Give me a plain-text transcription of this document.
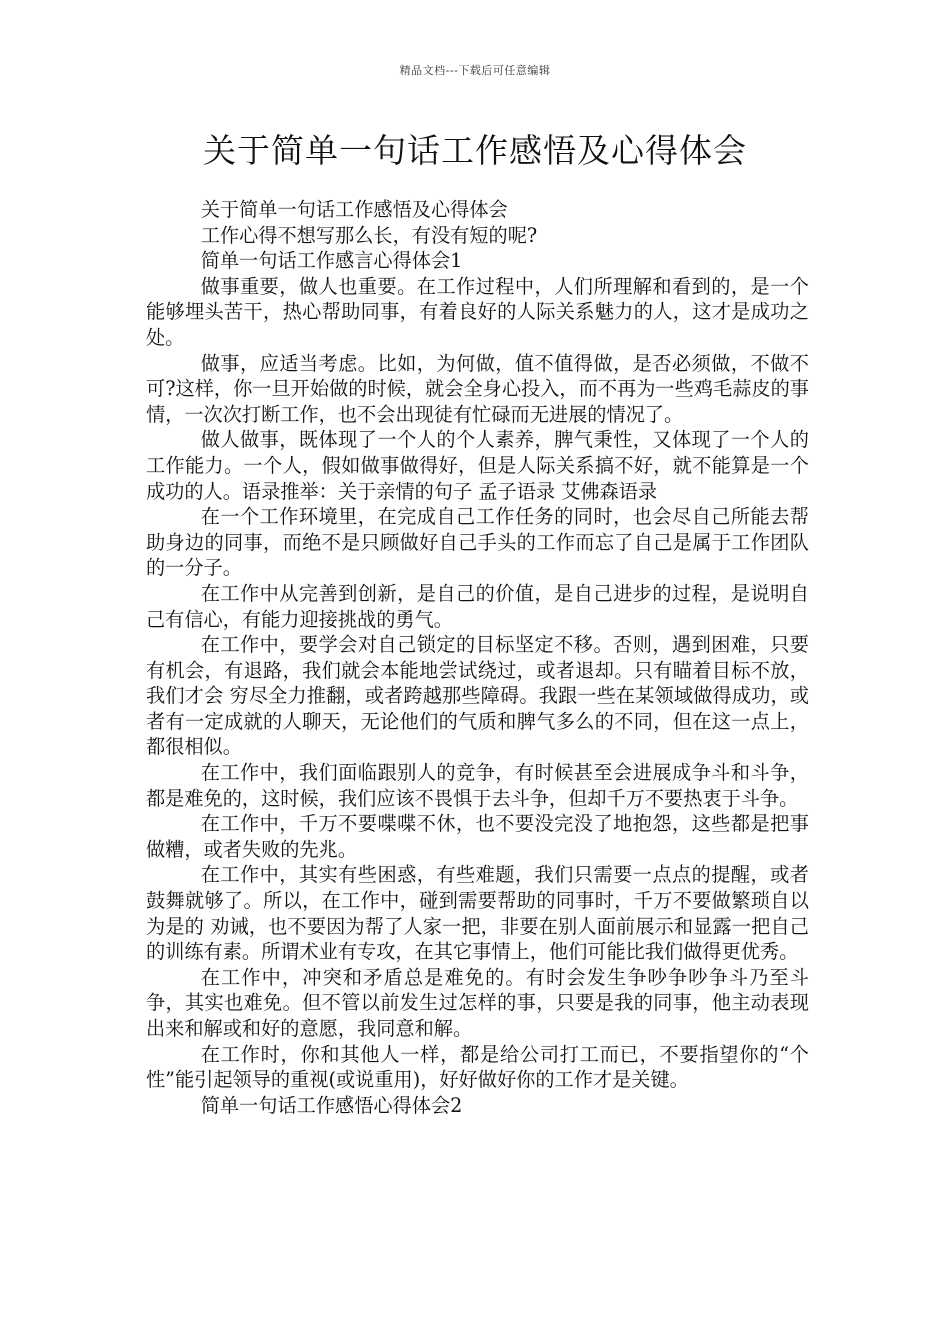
精品文档---下载后可任意编辑
关于简单一句话工作感悟及心得体会

关于简单一句话工作感悟及心得体会

工作心得不想写那么长，有没有短的呢?

简单一句话工作感言心得体会1

做事重要，做人也重要。在工作过程中，人们所理解和看到的，是一个能够埋头苦干，热心帮助同事，有着良好的人际关系魅力的人，这才是成功之处。

做事，应适当考虑。比如，为何做，值不值得做，是否必须做，不做不可?这样，你一旦开始做的时候，就会全身心投入，而不再为一些鸡毛蒜皮的事情，一次次打断工作，也不会出现徒有忙碌而无进展的情况了。

做人做事，既体现了一个人的个人素养，脾气秉性，又体现了一个人的工作能力。一个人，假如做事做得好，但是人际关系搞不好，就不能算是一个成功的人。语录推举：关于亲情的句子 孟子语录 艾佛森语录

在一个工作环境里，在完成自己工作任务的同时，也会尽自己所能去帮助身边的同事，而绝不是只顾做好自己手头的工作而忘了自己是属于工作团队的一分子。

在工作中从完善到创新，是自己的价值，是自己进步的过程，是说明自己有信心，有能力迎接挑战的勇气。

在工作中，要学会对自己锁定的目标坚定不移。否则，遇到困难，只要有机会，有退路，我们就会本能地尝试绕过，或者退却。只有瞄着目标不放，我们才会 穷尽全力推翻，或者跨越那些障碍。我跟一些在某领域做得成功，或者有一定成就的人聊天，无论他们的气质和脾气多么的不同，但在这一点上，都很相似。

在工作中，我们面临跟别人的竞争，有时候甚至会进展成争斗和斗争，都是难免的，这时候，我们应该不畏惧于去斗争，但却千万不要热衷于斗争。

在工作中，千万不要喋喋不休，也不要没完没了地抱怨，这些都是把事做糟，或者失败的先兆。

在工作中，其实有些困惑，有些难题，我们只需要一点点的提醒，或者鼓舞就够了。所以，在工作中，碰到需要帮助的同事时，千万不要做繁琐自以为是的 劝诫，也不要因为帮了人家一把，非要在别人面前展示和显露一把自己的训练有素。所谓术业有专攻，在其它事情上，他们可能比我们做得更优秀。

在工作中，冲突和矛盾总是难免的。有时会发生争吵争吵争斗乃至斗争，其实也难免。但不管以前发生过怎样的事，只要是我的同事，他主动表现出来和解或和好的意愿，我同意和解。

在工作时，你和其他人一样，都是给公司打工而已，不要指望你的“个性”能引起领导的重视(或说重用)，好好做好你的工作才是关键。

简单一句话工作感悟心得体会2
